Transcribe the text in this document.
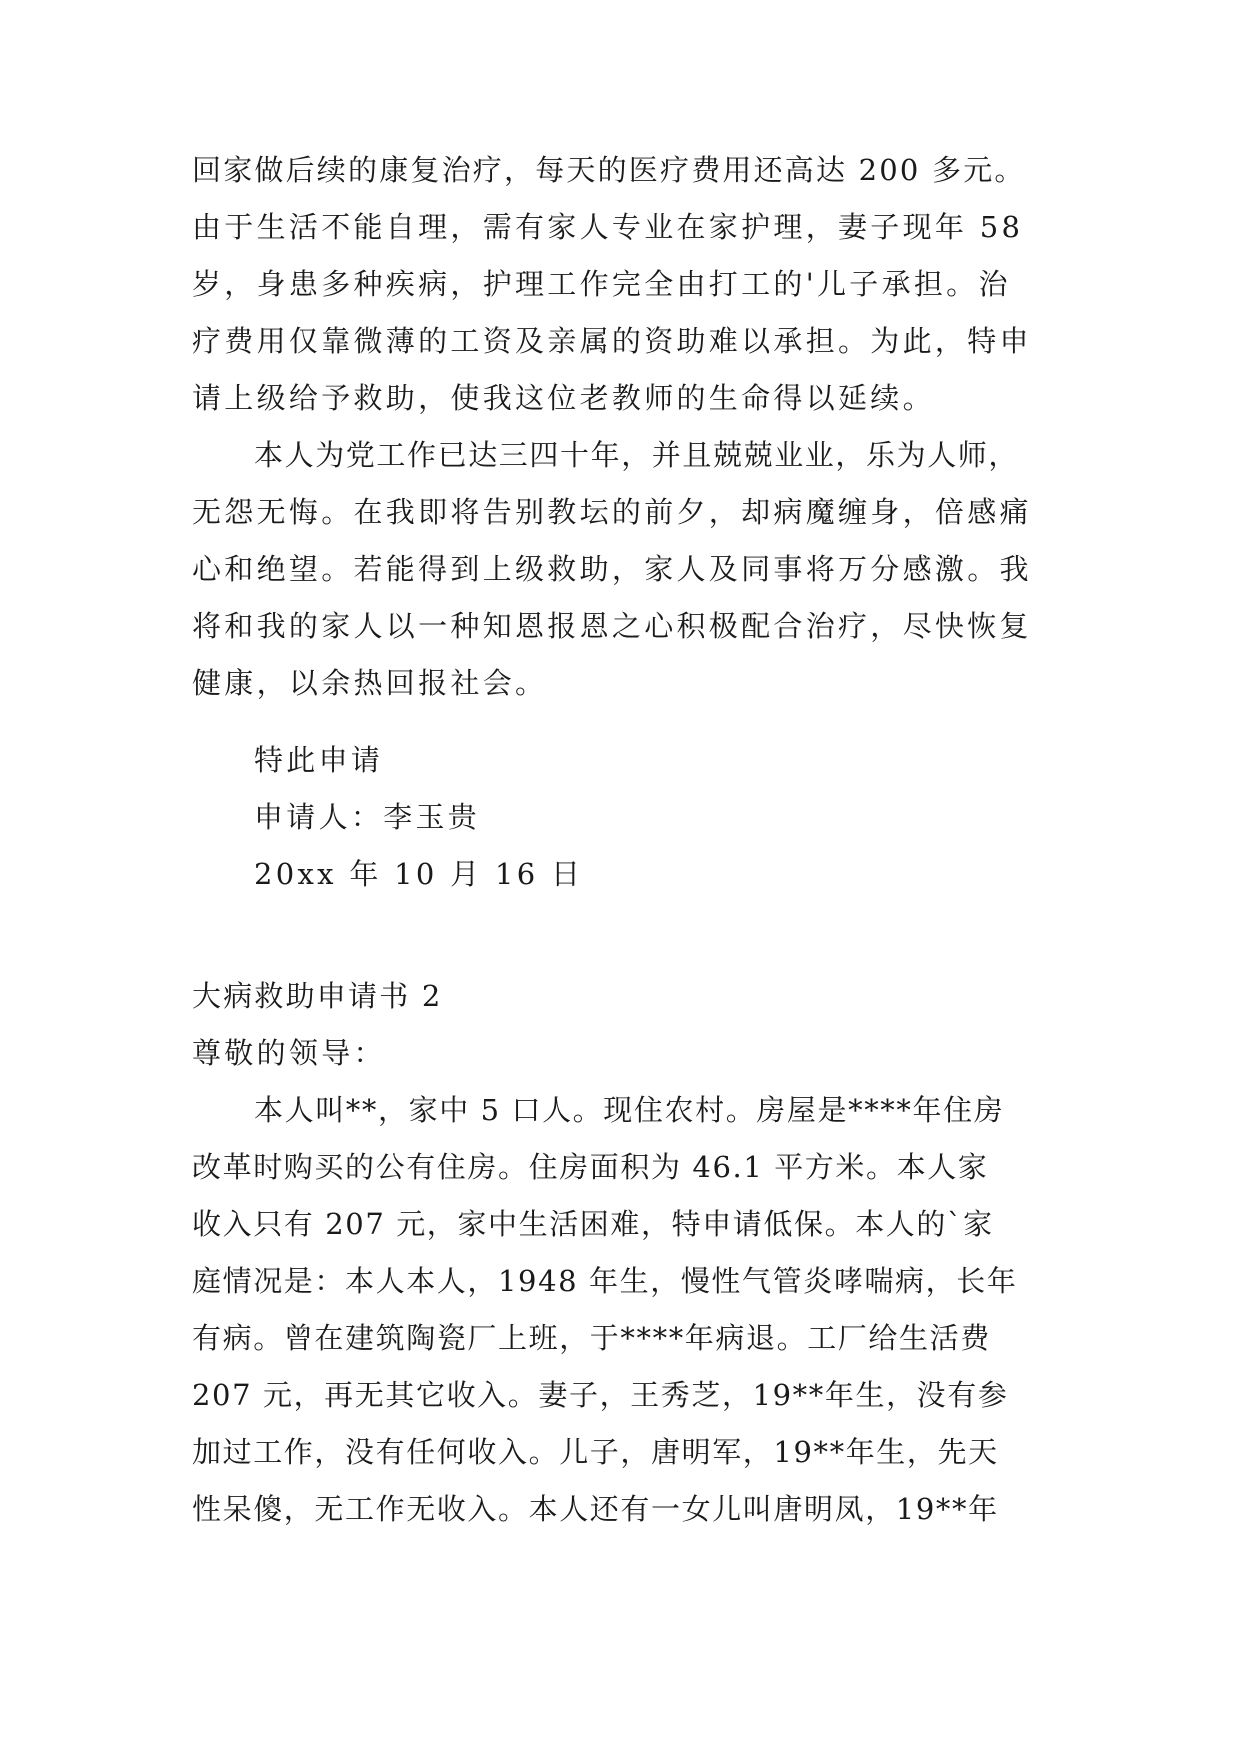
回家做后续的康复治疗，每天的医疗费用还高达 200 多元。
由于生活不能自理，需有家人专业在家护理，妻子现年 58
岁，身患多种疾病，护理工作完全由打工的'儿子承担。治
疗费用仅靠微薄的工资及亲属的资助难以承担。为此，特申
请上级给予救助，使我这位老教师的生命得以延续。
本人为党工作已达三四十年，并且兢兢业业，乐为人师，
无怨无悔。在我即将告别教坛的前夕，却病魔缠身，倍感痛
心和绝望。若能得到上级救助，家人及同事将万分感激。我
将和我的家人以一种知恩报恩之心积极配合治疗，尽快恢复
健康，以余热回报社会。
特此申请
申请人：李玉贵
20xx 年 10 月 16 日
大病救助申请书 2
尊敬的领导：
本人叫**，家中 5 口人。现住农村。房屋是****年住房
改革时购买的公有住房。住房面积为 46.1 平方米。本人家
收入只有 207 元，家中生活困难，特申请低保。本人的`家
庭情况是：本人本人，1948 年生，慢性气管炎哮喘病，长年
有病。曾在建筑陶瓷厂上班，于****年病退。工厂给生活费
207 元，再无其它收入。妻子，王秀芝，19**年生，没有参
加过工作，没有任何收入。儿子，唐明军，19**年生，先天
性呆傻，无工作无收入。本人还有一女儿叫唐明凤，19**年
